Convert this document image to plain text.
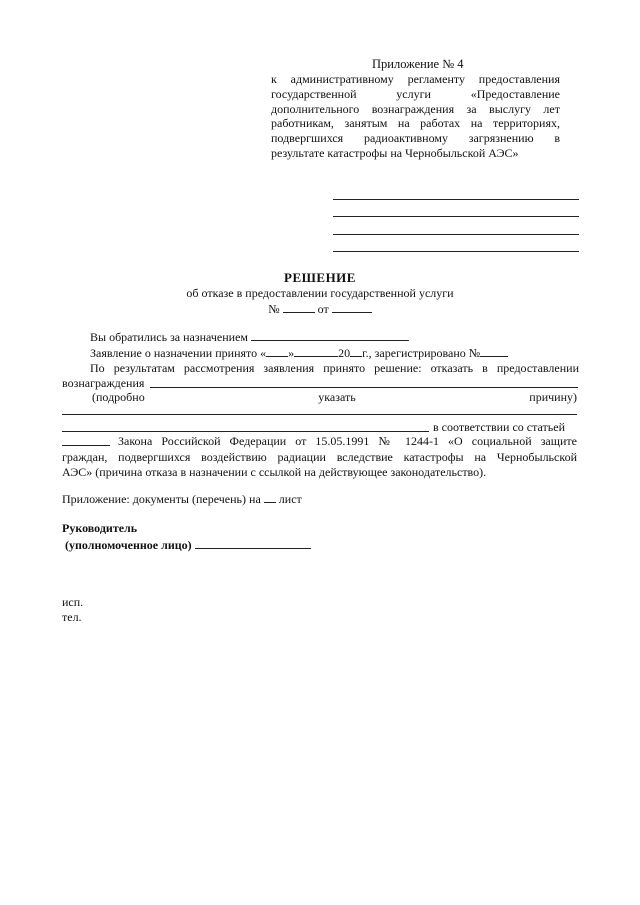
Приложение № 4
к административному регламенту предоставления
государственной услуги «Предоставление
дополнительного вознаграждения за выслугу лет
работникам, занятым на работах на территориях,
подвергшихся радиоактивному загрязнению в
результате катастрофы на Чернобыльской АЭС»
РЕШЕНИЕ
об отказе в предоставлении государственной услуги
№	от
Вы обратились за назначением
Заявление о назначении принято « »	20 г., зарегистрировано №
По результатам рассмотрения заявления принято решение: отказать в предоставлении
вознаграждения
(подробно	указать	причину)
в соответствии со статьей
Закона Российской Федерации от 15.05.1991 № 1244-1 «О социальной защите
граждан, подвергшихся воздействию радиации вследствие катастрофы на Чернобыльской
АЭС» (причина отказа в назначении с ссылкой на действующее законодательство).
Приложение: документы (перечень) на лист
Руководитель
(уполномоченное лицо)
исп.
тел.
